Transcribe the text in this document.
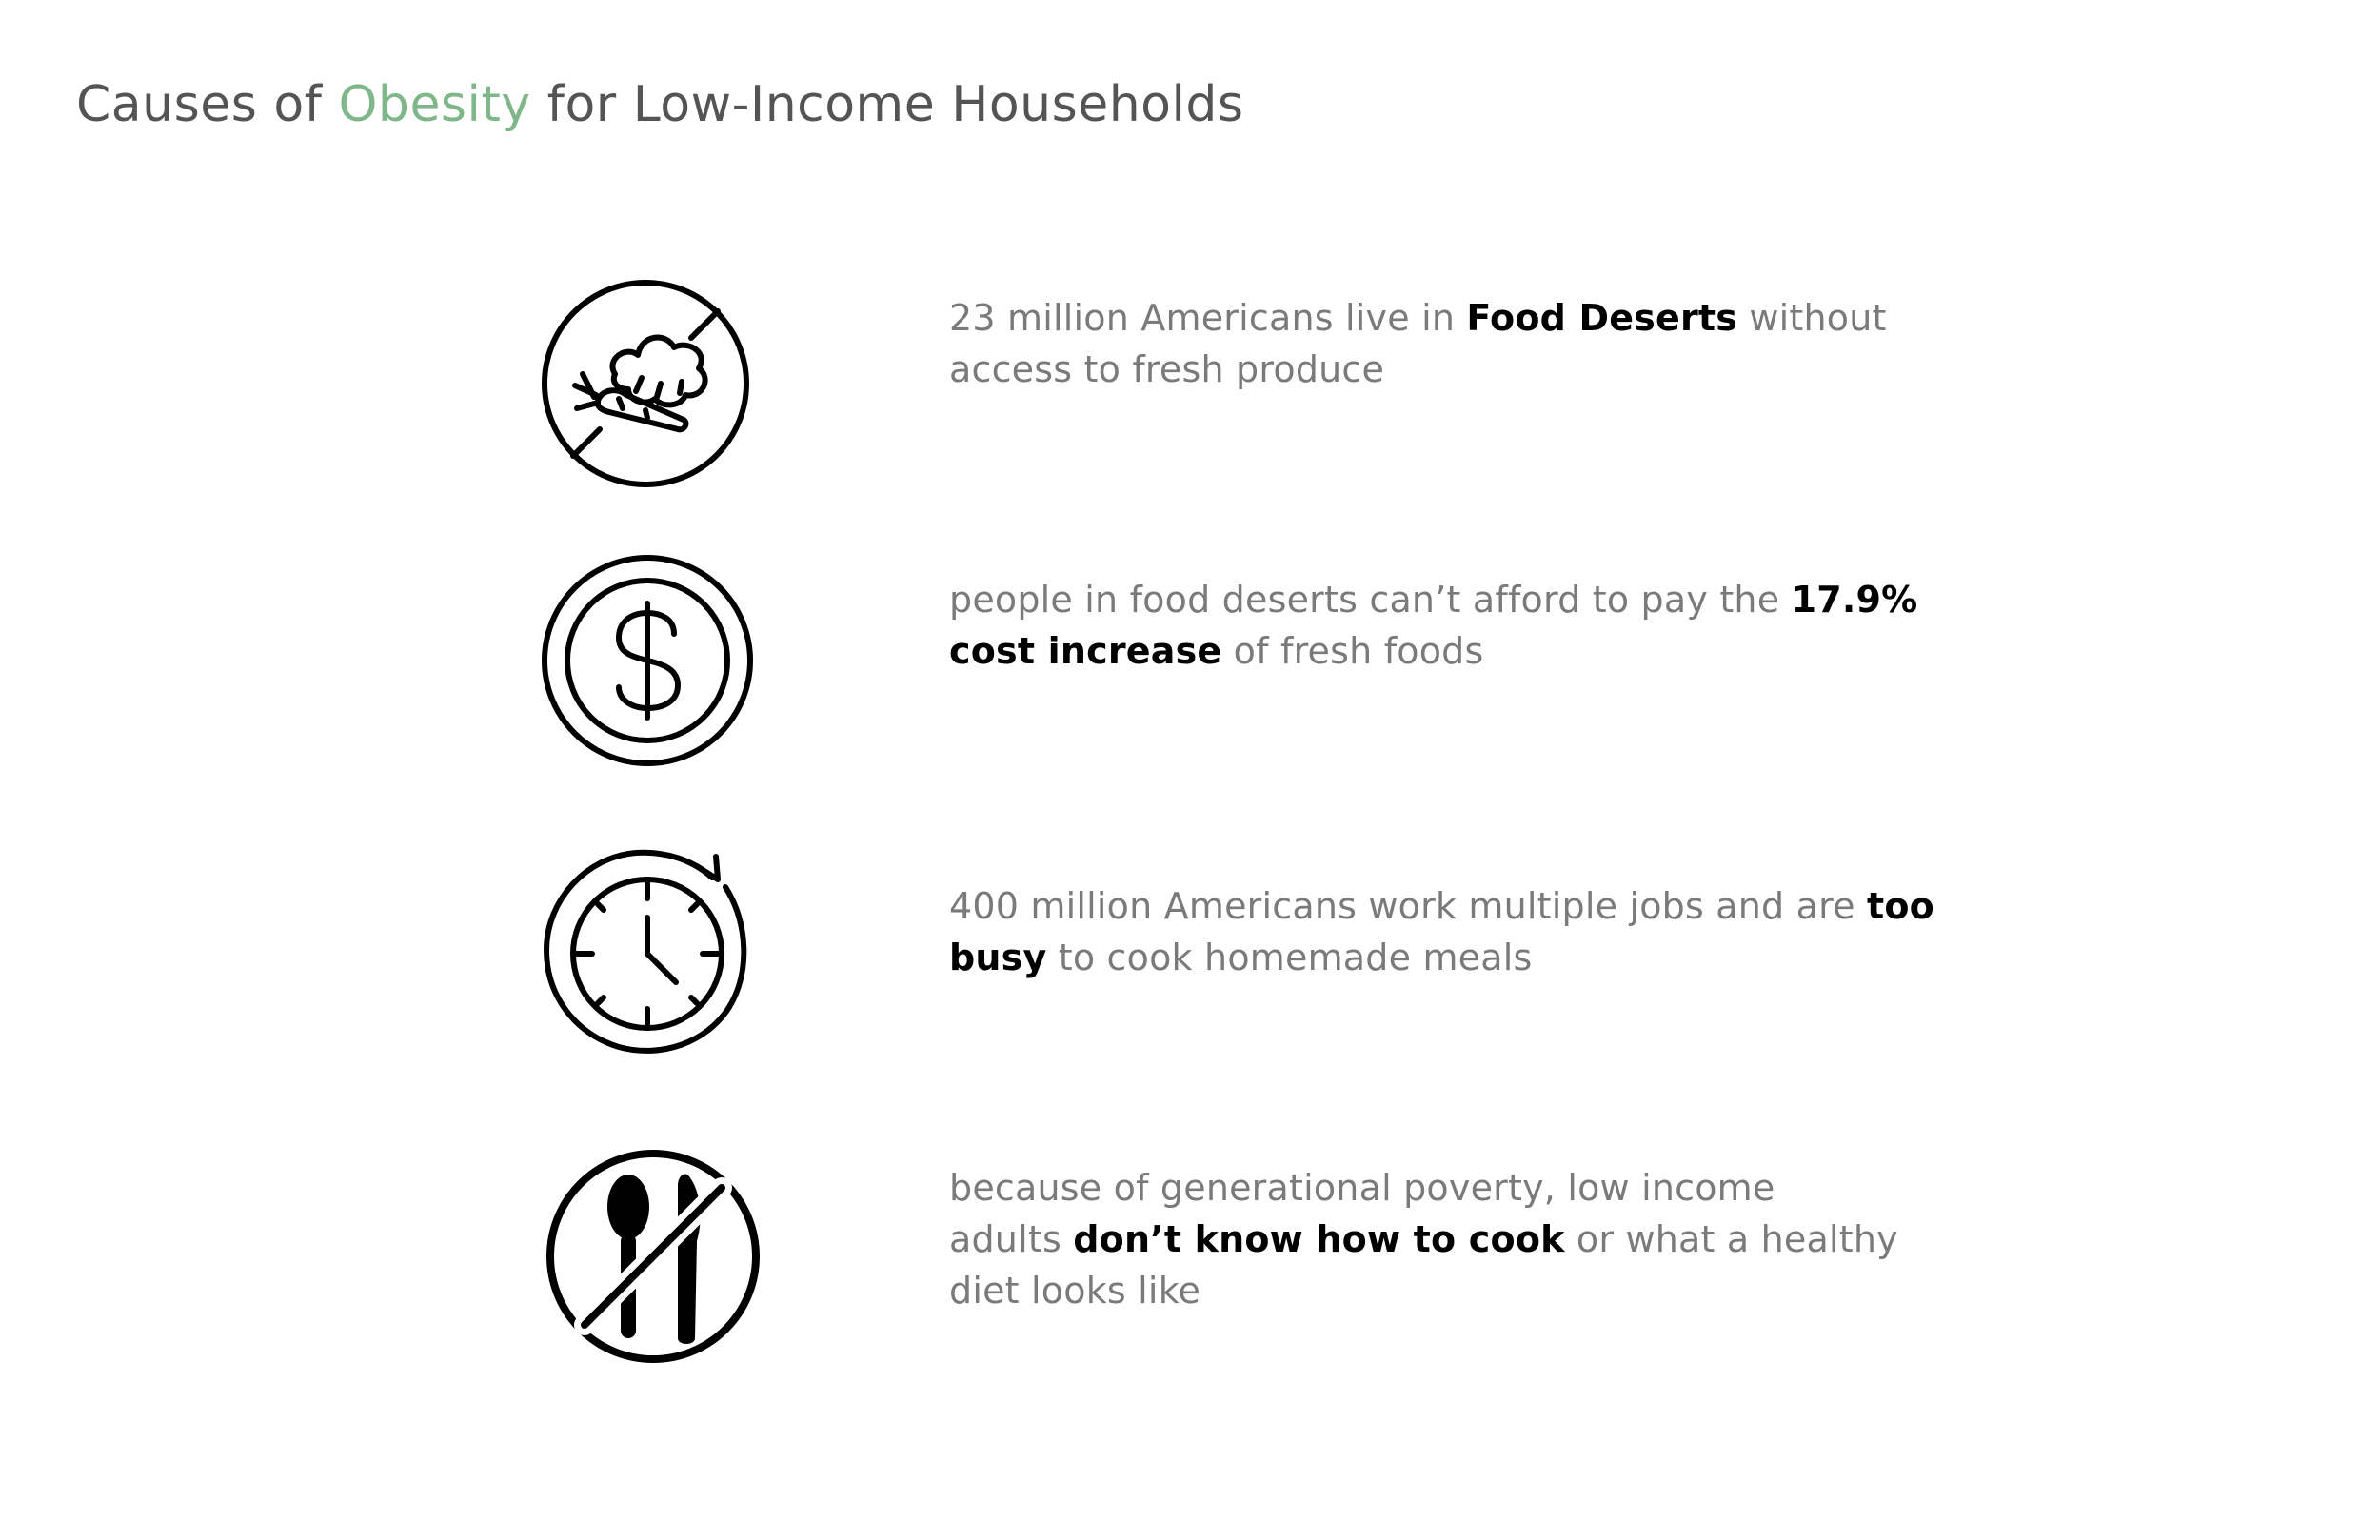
Causes of Obesity for Low-Income Households

23 million Americans live in Food Deserts without
access to fresh produce

people in food deserts can’t afford to pay the 17.9%
cost increase of fresh foods

400 million Americans work multiple jobs and are too
busy to cook homemade meals

because of generational poverty, low income
adults don’t know how to cook or what a healthy
diet looks like
